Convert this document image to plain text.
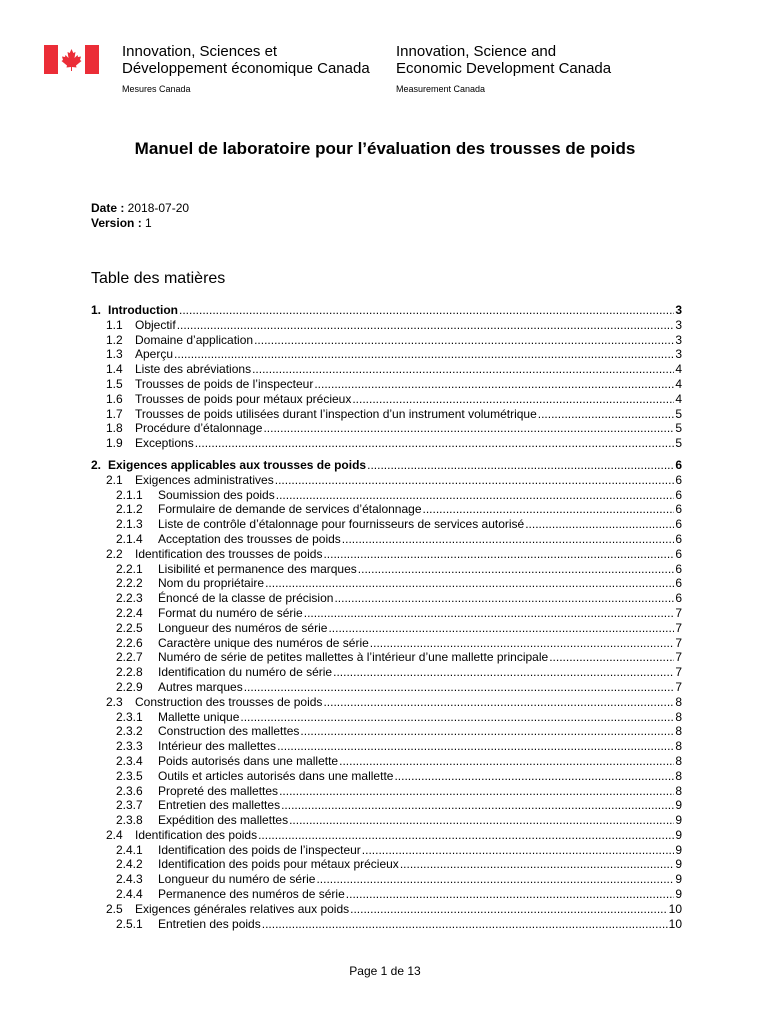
Innovation, Sciences et
Développement économique Canada
Mesures Canada
Innovation, Science and
Economic Development Canada
Measurement Canada
Manuel de laboratoire pour l’évaluation des trousses de poids
Date : 2018-07-20
Version : 1
Table des matières
1. Introduction .....	3
1.1	Objectif .....	3
1.2	Domaine d’application .....	3
1.3	Aperçu .....	3
1.4	Liste des abréviations .....	4
1.5	Trousses de poids de l’inspecteur .....	4
1.6	Trousses de poids pour métaux précieux .....	4
1.7	Trousses de poids utilisées durant l’inspection d’un instrument volumétrique .....	5
1.8	Procédure d’étalonnage .....	5
1.9	Exceptions .....	5
2. Exigences applicables aux trousses de poids .....	6
2.1	Exigences administratives .....	6
2.1.1	Soumission des poids .....	6
2.1.2	Formulaire de demande de services d’étalonnage .....	6
2.1.3	Liste de contrôle d’étalonnage pour fournisseurs de services autorisé .....	6
2.1.4	Acceptation des trousses de poids .....	6
2.2	Identification des trousses de poids .....	6
2.2.1	Lisibilité et permanence des marques .....	6
2.2.2	Nom du propriétaire .....	6
2.2.3	Énoncé de la classe de précision .....	6
2.2.4	Format du numéro de série .....	7
2.2.5	Longueur des numéros de série .....	7
2.2.6	Caractère unique des numéros de série .....	7
2.2.7	Numéro de série de petites mallettes à l’intérieur d’une mallette principale .....	7
2.2.8	Identification du numéro de série .....	7
2.2.9	Autres marques .....	7
2.3	Construction des trousses de poids .....	8
2.3.1	Mallette unique .....	8
2.3.2	Construction des mallettes .....	8
2.3.3	Intérieur des mallettes .....	8
2.3.4	Poids autorisés dans une mallette .....	8
2.3.5	Outils et articles autorisés dans une mallette .....	8
2.3.6	Propreté des mallettes .....	8
2.3.7	Entretien des mallettes .....	9
2.3.8	Expédition des mallettes .....	9
2.4	Identification des poids .....	9
2.4.1	Identification des poids de l’inspecteur .....	9
2.4.2	Identification des poids pour métaux précieux .....	9
2.4.3	Longueur du numéro de série .....	9
2.4.4	Permanence des numéros de série .....	9
2.5	Exigences générales relatives aux poids .....	10
2.5.1	Entretien des poids .....	10
Page 1 de 13
